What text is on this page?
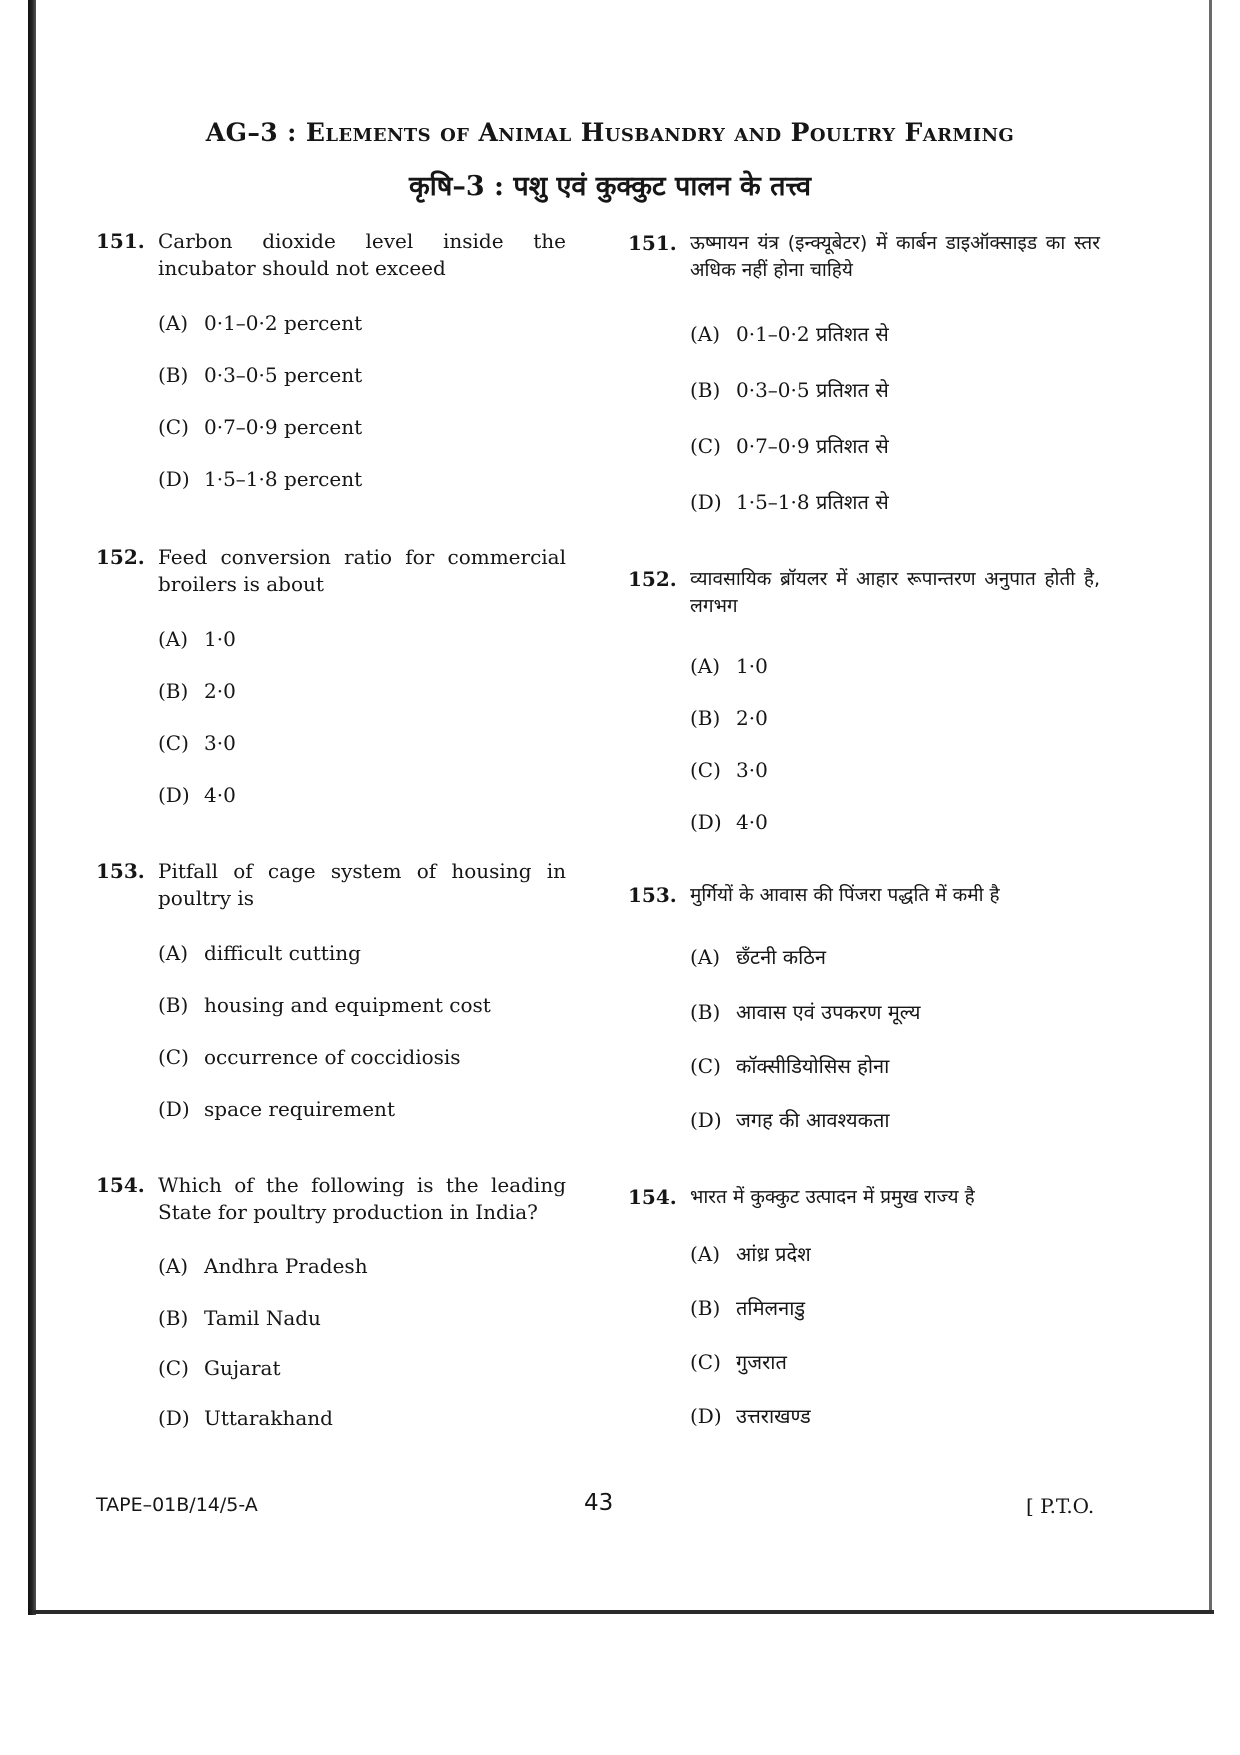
AG–3 : Elements of Animal Husbandry and Poultry Farming
कृषि–3 : पशु एवं कुक्कुट पालन के तत्त्व
151. Carbon dioxide level inside the incubator should not exceed
(A) 0·1–0·2 percent
(B) 0·3–0·5 percent
(C) 0·7–0·9 percent
(D) 1·5–1·8 percent
152. Feed conversion ratio for commercial broilers is about
(A) 1·0
(B) 2·0
(C) 3·0
(D) 4·0
153. Pitfall of cage system of housing in poultry is
(A) difficult cutting
(B) housing and equipment cost
(C) occurrence of coccidiosis
(D) space requirement
154. Which of the following is the leading State for poultry production in India?
(A) Andhra Pradesh
(B) Tamil Nadu
(C) Gujarat
(D) Uttarakhand
151. ऊष्मायन यंत्र (इन्क्यूबेटर) में कार्बन डाइऑक्साइड का स्तर अधिक नहीं होना चाहिये
(A) 0·1–0·2 प्रतिशत से
(B) 0·3–0·5 प्रतिशत से
(C) 0·7–0·9 प्रतिशत से
(D) 1·5–1·8 प्रतिशत से
152. व्यावसायिक ब्रॉयलर में आहार रूपान्तरण अनुपात होती है, लगभग
(A) 1·0
(B) 2·0
(C) 3·0
(D) 4·0
153. मुर्गियों के आवास की पिंजरा पद्धति में कमी है
(A) छँटनी कठिन
(B) आवास एवं उपकरण मूल्य
(C) कॉक्सीडियोसिस होना
(D) जगह की आवश्यकता
154. भारत में कुक्कुट उत्पादन में प्रमुख राज्य है
(A) आंध्र प्रदेश
(B) तमिलनाडु
(C) गुजरात
(D) उत्तराखण्ड
TAPE–01B/14/5-A	43	[ P.T.O.
